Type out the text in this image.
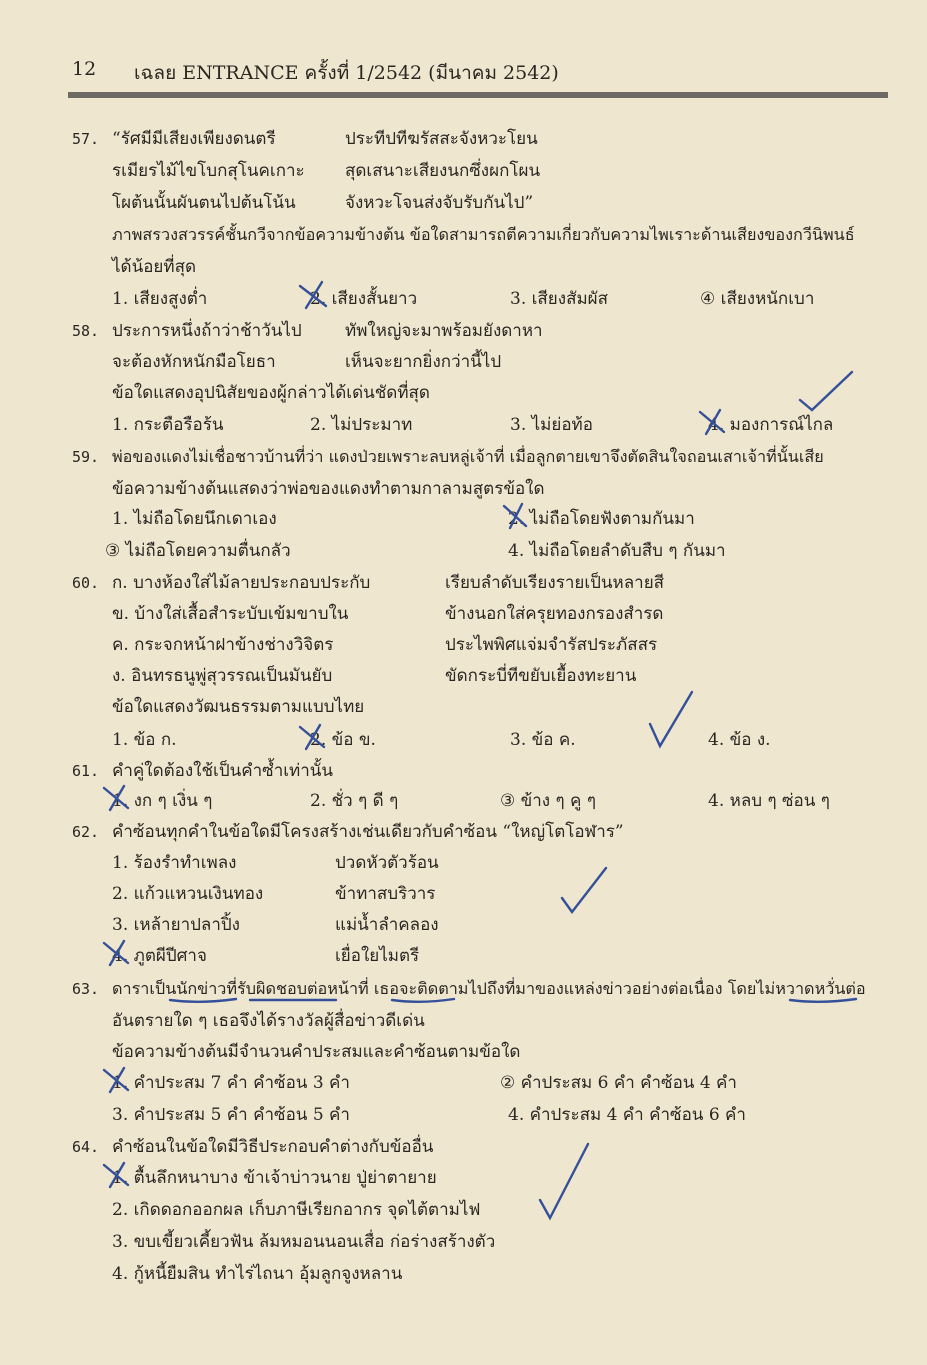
12 เฉลย ENTRANCE ครั้งที่ 1/2542 (มีนาคม 2542)
57. “รัศมีมีเสียงเพียงดนตรี	ประทีปทีฆรัสสะจังหวะโยน
รเมียรไม้ไขโบกสุโนคเกาะ สุดเสนาะเสียงนกซึ่งผกโผน
โผต้นนั้นผันตนไปต้นโน้น	จังหวะโจนส่งจับรับกันไป”
ภาพสรวงสวรรค์ชั้นกวีจากข้อความข้างต้น ข้อใดสามารถตีความเกี่ยวกับความไพเราะด้านเสียงของกวีนิพนธ์
ได้น้อยที่สุด
1. เสียงสูงต่ำ	2. เสียงสั้นยาว	3. เสียงสัมผัส	④ เสียงหนักเบา
58. ประการหนึ่งถ้าว่าช้าวันไป	ทัพใหญ่จะมาพร้อมยังดาหา
จะต้องหักหนักมือโยธา	เห็นจะยากยิ่งกว่านี้ไป
ข้อใดแสดงอุปนิสัยของผู้กล่าวได้เด่นชัดที่สุด
1. กระตือรือร้น	2. ไม่ประมาท	3. ไม่ย่อท้อ	4. มองการณ์ไกล
59. พ่อของแดงไม่เชื่อชาวบ้านที่ว่า แดงป่วยเพราะลบหลู่เจ้าที่ เมื่อลูกตายเขาจึงตัดสินใจถอนเสาเจ้าที่นั้นเสีย
ข้อความข้างต้นแสดงว่าพ่อของแดงทำตามกาลามสูตรข้อใด
1. ไม่ถือโดยนึกเดาเอง	2. ไม่ถือโดยฟังตามกันมา
③ ไม่ถือโดยความตื่นกลัว	4. ไม่ถือโดยลำดับสืบ ๆ กันมา
60. ก. บางห้องใส่ไม้ลายประกอบประกับ	เรียบลำดับเรียงรายเป็นหลายสี
ข. บ้างใส่เสื้อสำระบับเข้มขาบใน	ข้างนอกใส่ครุยทองกรองสำรด
ค. กระจกหน้าฝาข้างช่างวิจิตร	ประไพพิศแจ่มจำรัสประภัสสร
ง. อินทรธนูพู่สุวรรณเป็นมันยับ	ขัดกระบี่ทีขยับเยื้องทะยาน
ข้อใดแสดงวัฒนธรรมตามแบบไทย
1. ข้อ ก.	2. ข้อ ข.	3. ข้อ ค.	4. ข้อ ง.
61. คำคู่ใดต้องใช้เป็นคำซ้ำเท่านั้น
1. งก ๆ เงิ่น ๆ	2. ชั่ว ๆ ดี ๆ	③ ข้าง ๆ คู ๆ	4. หลบ ๆ ซ่อน ๆ
62. คำซ้อนทุกคำในข้อใดมีโครงสร้างเช่นเดียวกับคำซ้อน “ใหญ่โตโอฬาร”
1. ร้องรำทำเพลง	ปวดหัวตัวร้อน
2. แก้วแหวนเงินทอง	ข้าทาสบริวาร
3. เหล้ายาปลาปิ้ง	แม่น้ำลำคลอง
4. ภูตผีปีศาจ	เยื่อใยไมตรี
63. ดาราเป็นนักข่าวที่รับผิดชอบต่อหน้าที่ เธอจะติดตามไปถึงที่มาของแหล่งข่าวอย่างต่อเนื่อง โดยไม่หวาดหวั่นต่อ
อันตรายใด ๆ เธอจึงได้รางวัลผู้สื่อข่าวดีเด่น
ข้อความข้างต้นมีจำนวนคำประสมและคำซ้อนตามข้อใด
1. คำประสม 7 คำ คำซ้อน 3 คำ	② คำประสม 6 คำ คำซ้อน 4 คำ
3. คำประสม 5 คำ คำซ้อน 5 คำ	4. คำประสม 4 คำ คำซ้อน 6 คำ
64. คำซ้อนในข้อใดมีวิธีประกอบคำต่างกับข้ออื่น
1. ตื้นลึกหนาบาง ข้าเจ้าบ่าวนาย ปู่ย่าตายาย
2. เกิดดอกออกผล เก็บภาษีเรียกอากร จุดไต้ตามไฟ
3. ขบเขี้ยวเคี้ยวฟัน ล้มหมอนนอนเสื่อ ก่อร่างสร้างตัว
4. กู้หนี้ยืมสิน ทำไร่ไถนา อุ้มลูกจูงหลาน
